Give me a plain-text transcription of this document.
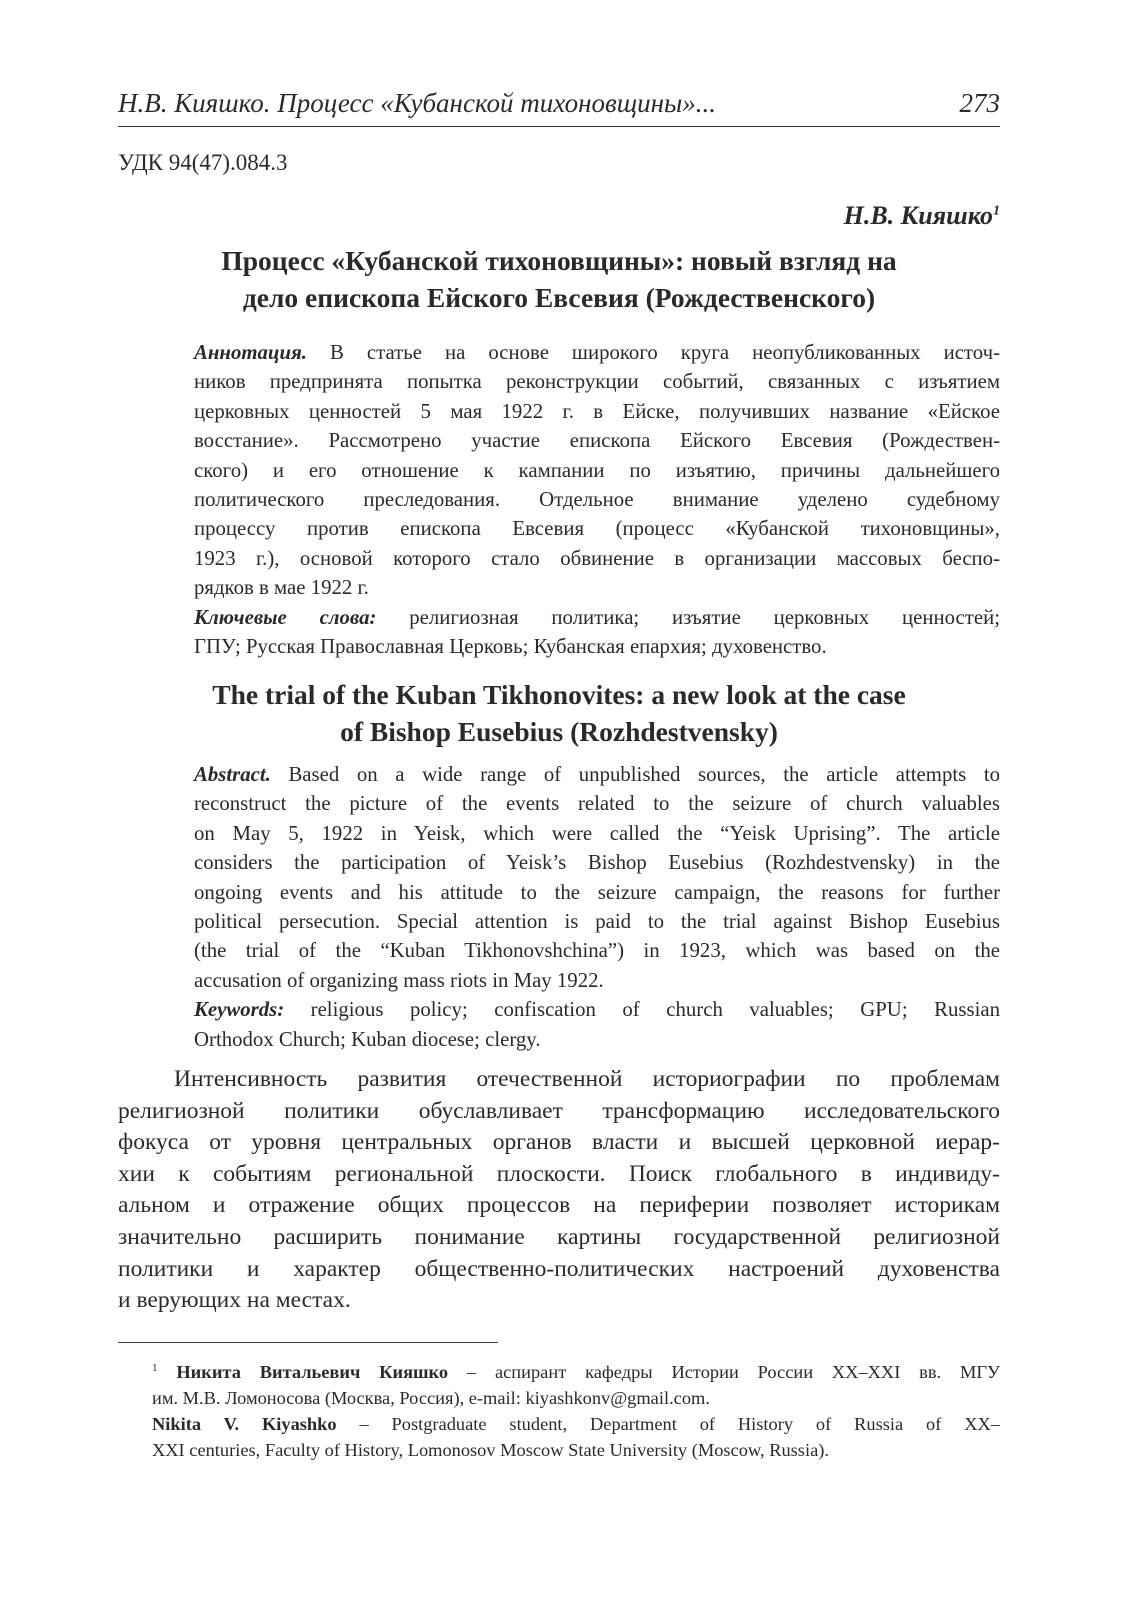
Н.В. Кияшко. Процесс «Кубанской тихоновщины»...	273
УДК 94(47).084.3
Н.В. Кияшко$^1$
Процесс «Кубанской тихоновщины»: новый взгляд на
дело епископа Ейского Евсевия (Рождественского)
Аннотация. В статье на основе широкого круга неопубликованных источ-
ников предпринята попытка реконструкции событий, связанных с изъятием
церковных ценностей 5 мая 1922 г. в Ейске, получивших название «Ейское
восстание». Рассмотрено участие епископа Ейского Евсевия (Рождествен-
ского) и его отношение к кампании по изъятию, причины дальнейшего
политического преследования. Отдельное внимание уделено судебному
процессу против епископа Евсевия (процесс «Кубанской тихоновщины»,
1923 г.), основой которого стало обвинение в организации массовых беспо-
рядков в мае 1922 г.
Ключевые слова: религиозная политика; изъятие церковных ценностей;
ГПУ; Русская Православная Церковь; Кубанская епархия; духовенство.
The trial of the Kuban Tikhonovites: a new look at the case
of Bishop Eusebius (Rozhdestvensky)
Abstract. Based on a wide range of unpublished sources, the article attempts to
reconstruct the picture of the events related to the seizure of church valuables
on May 5, 1922 in Yeisk, which were called the “Yeisk Uprising”. The article
considers the participation of Yeisk’s Bishop Eusebius (Rozhdestvensky) in the
ongoing events and his attitude to the seizure campaign, the reasons for further
political persecution. Special attention is paid to the trial against Bishop Eusebius
(the trial of the “Kuban Tikhonovshchina”) in 1923, which was based on the
accusation of organizing mass riots in May 1922.
Keywords: religious policy; confiscation of church valuables; GPU; Russian
Orthodox Church; Kuban diocese; clergy.
Интенсивность развития отечественной историографии по проблемам
религиозной политики обуславливает трансформацию исследовательского
фокуса от уровня центральных органов власти и высшей церковной иерар-
хии к событиям региональной плоскости. Поиск глобального в индивиду-
альном и отражение общих процессов на периферии позволяет историкам
значительно расширить понимание картины государственной религиозной
политики и характер общественно-политических настроений духовенства
и верующих на местах.
$^1$ Никита Витальевич Кияшко – аспирант кафедры Истории России XX–XXI вв. МГУ
им. М.В. Ломоносова (Москва, Россия), e-mail: kiyashkonv@gmail.com.
Nikita V. Kiyashko – Postgraduate student, Department of History of Russia of XX–
XXI centuries, Faculty of History, Lomonosov Moscow State University (Moscow, Russia).
